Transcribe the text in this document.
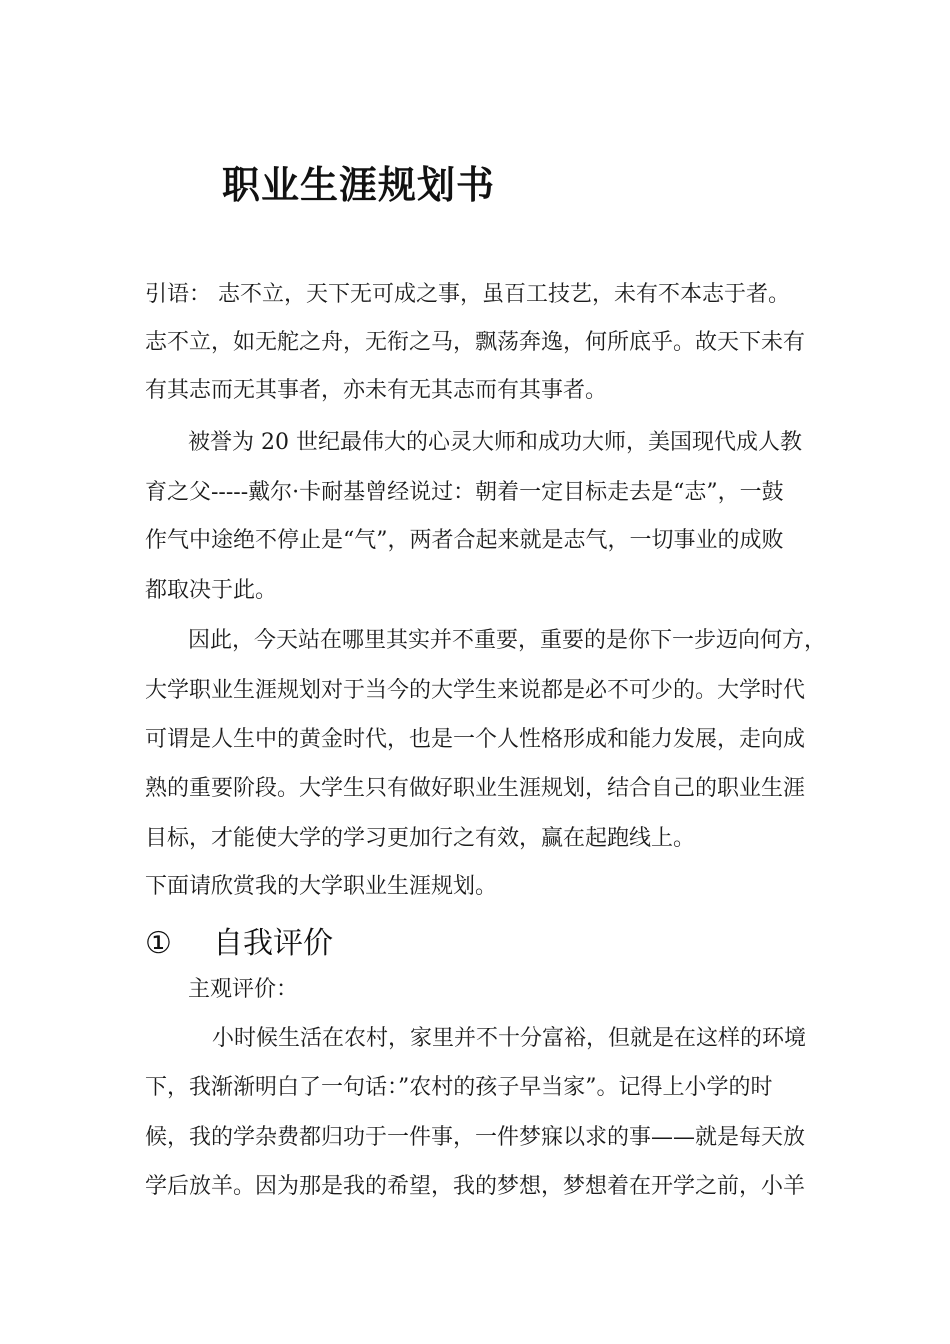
职业生涯规划书

引语： 志不立，天下无可成之事，虽百工技艺，未有不本志于者。

志不立，如无舵之舟，无衔之马，飘荡奔逸，何所底乎。故天下未有

有其志而无其事者，亦未有无其志而有其事者。

被誉为 20 世纪最伟大的心灵大师和成功大师，美国现代成人教

育之父-----戴尔·卡耐基曾经说过：朝着一定目标走去是“志”，一鼓

作气中途绝不停止是“气”，两者合起来就是志气，一切事业的成败

都取决于此。

因此，今天站在哪里其实并不重要，重要的是你下一步迈向何方，

大学职业生涯规划对于当今的大学生来说都是必不可少的。大学时代

可谓是人生中的黄金时代，也是一个人性格形成和能力发展，走向成

熟的重要阶段。大学生只有做好职业生涯规划，结合自己的职业生涯

目标，才能使大学的学习更加行之有效，赢在起跑线上。

下面请欣赏我的大学职业生涯规划。

① 自我评价

主观评价：

小时候生活在农村，家里并不十分富裕，但就是在这样的环境

下，我渐渐明白了一句话：”农村的孩子早当家”。记得上小学的时

候，我的学杂费都归功于一件事，一件梦寐以求的事——就是每天放

学后放羊。因为那是我的希望，我的梦想，梦想着在开学之前，小羊
